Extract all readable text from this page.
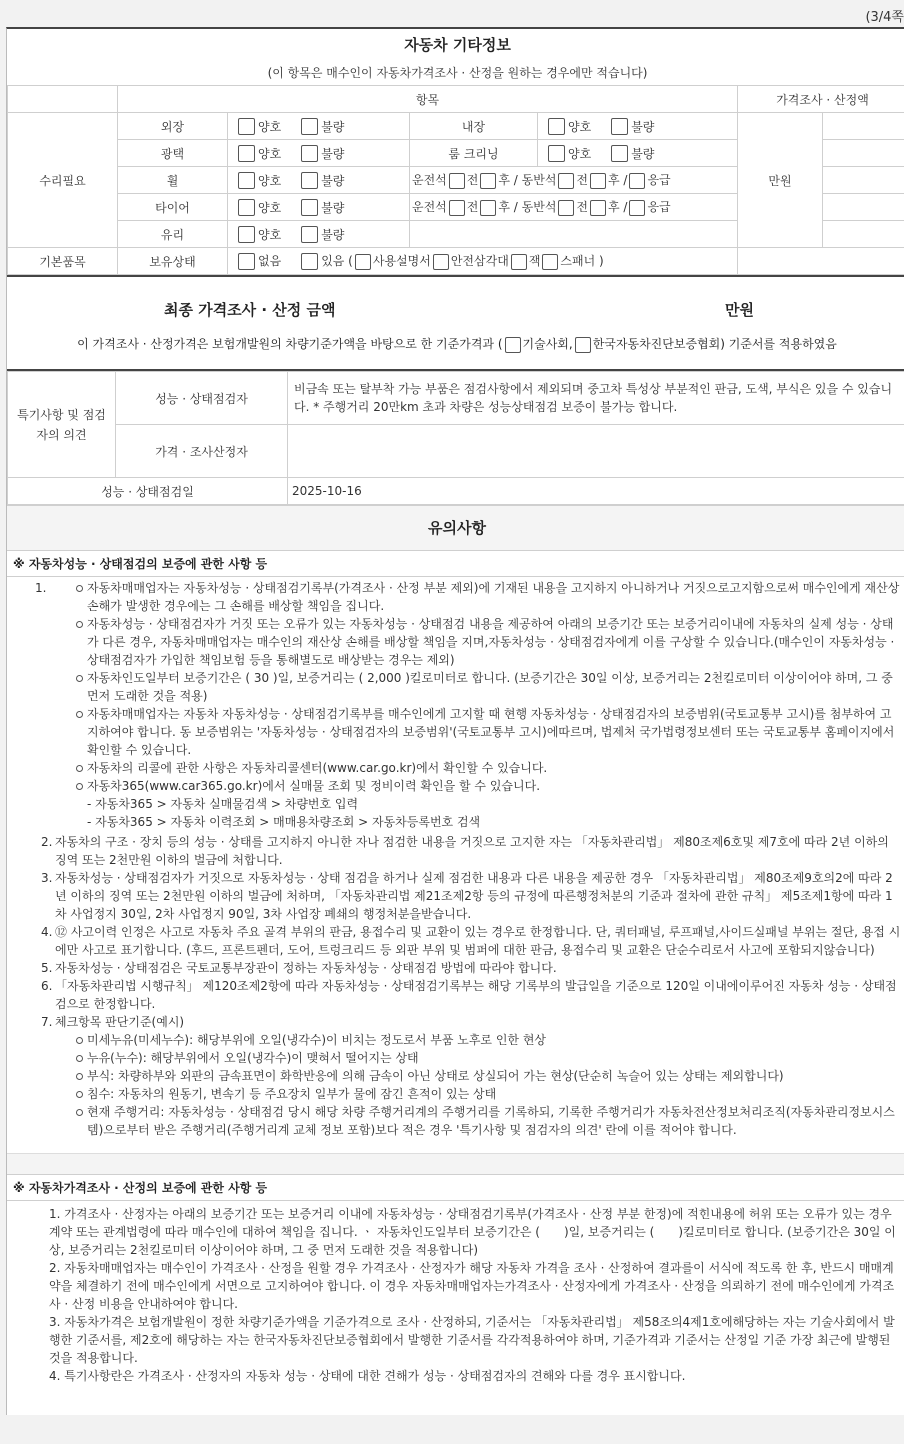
(3/4쪽
자동차 기타정보						
(이 항목은 매수인이 자동차가격조사 · 산정을 원하는 경우에만 적습니다)						
	항목				가격조사 · 산정액	
수리필요	외장	양호 불량	내장	양호 불량	만원	
	광택	양호 불량	룸 크리닝	양호 불량		
	휠	양호 불량	운전석 전 후 / 동반석 전 후 / 응급			
	타이어	양호 불량	운전석 전 후 / 동반석 전 후 / 응급			
	유리	양호 불량				
기본품목	보유상태	없음 있음 ( 사용설명서 안전삼각대 잭 스패너 )				
최종 가격조사 · 산정 금액	만원
이 가격조사 · 산정가격은 보험개발원의 차량기준가액을 바탕으로 한 기준가격과 ( 기술사회, 한국자동차진단보증협회) 기준서를 적용하였음
특기사항 및 점검자의 의견	성능 · 상태점검자	비금속 또는 탈부착 가능 부품은 점검사항에서 제외되며 중고차 특성상 부분적인 판금, 도색, 부식은 있을 수 있습니다. * 주행거리 20만km 초과 차량은 성능상태점검 보증이 불가능 합니다.
	가격 · 조사산정자	
성능 · 상태점검일		2025-10-16
유의사항
※ 자동차성능 · 상태점검의 보증에 관한 사항 등
1.	자동차매매업자는 자동차성능 · 상태점검기록부(가격조사 · 산정 부분 제외)에 기재된 내용을 고지하지 아니하거나 거짓으로고지함으로써 매수인에게 재산상 손해가 발생한 경우에는 그 손해를 배상할 책임을 집니다.
자동차성능 · 상태점검자가 거짓 또는 오류가 있는 자동차성능 · 상태점검 내용을 제공하여 아래의 보증기간 또는 보증거리이내에 자동차의 실제 성능 · 상태가 다른 경우, 자동차매매업자는 매수인의 재산상 손해를 배상할 책임을 지며,자동차성능 · 상태점검자에게 이를 구상할 수 있습니다.(매수인이 자동차성능 · 상태점검자가 가입한 책임보험 등을 통해별도로 배상받는 경우는 제외)
자동차인도일부터 보증기간은 ( 30 )일, 보증거리는 ( 2,000 )킬로미터로 합니다. (보증기간은 30일 이상, 보증거리는 2천킬로미터 이상이어야 하며, 그 중 먼저 도래한 것을 적용)
자동차매매업자는 자동차 자동차성능 · 상태점검기록부를 매수인에게 고지할 때 현행 자동차성능 · 상태점검자의 보증범위(국토교통부 고시)를 첨부하여 고지하여야 합니다. 동 보증범위는 '자동차성능 · 상태점검자의 보증범위'(국토교통부 고시)에따르며, 법제처 국가법령정보센터 또는 국토교통부 홈페이지에서 확인할 수 있습니다.
자동차의 리콜에 관한 사항은 자동차리콜센터(www.car.go.kr)에서 확인할 수 있습니다.
자동차365(www.car365.go.kr)에서 실매물 조회 및 정비이력 확인을 할 수 있습니다.
- 자동차365 > 자동차 실매물검색 > 차량번호 입력
- 자동차365 > 자동차 이력조회 > 매매용차량조회 > 자동차등록번호 검색
2. 자동차의 구조 · 장치 등의 성능 · 상태를 고지하지 아니한 자나 점검한 내용을 거짓으로 고지한 자는 「자동차관리법」 제80조제6호및 제7호에 따라 2년 이하의 징역 또는 2천만원 이하의 벌금에 처합니다.
3. 자동차성능 · 상태점검자가 거짓으로 자동차성능 · 상태 점검을 하거나 실제 점검한 내용과 다른 내용을 제공한 경우 「자동차관리법」 제80조제9호의2에 따라 2년 이하의 징역 또는 2천만원 이하의 벌금에 처하며, 「자동차관리법 제21조제2항 등의 규정에 따른행정처분의 기준과 절차에 관한 규칙」 제5조제1항에 따라 1차 사업정지 30일, 2차 사업정지 90일, 3차 사업장 폐쇄의 행정처분을받습니다.
4. ⑫ 사고이력 인정은 사고로 자동차 주요 골격 부위의 판금, 용접수리 및 교환이 있는 경우로 한정합니다. 단, 쿼터패널, 루프패널,사이드실패널 부위는 절단, 용접 시에만 사고로 표기합니다. (후드, 프론트펜더, 도어, 트렁크리드 등 외판 부위 및 범퍼에 대한 판금, 용접수리 및 교환은 단순수리로서 사고에 포함되지않습니다)
5. 자동차성능 · 상태점검은 국토교통부장관이 정하는 자동차성능 · 상태점검 방법에 따라야 합니다.
6. 「자동차관리법 시행규칙」 제120조제2항에 따라 자동차성능 · 상태점검기록부는 해당 기록부의 발급일을 기준으로 120일 이내에이루어진 자동차 성능 · 상태점검으로 한정합니다.
7. 체크항목 판단기준(예시)
미세누유(미세누수): 해당부위에 오일(냉각수)이 비치는 정도로서 부품 노후로 인한 현상
누유(누수): 해당부위에서 오일(냉각수)이 맺혀서 떨어지는 상태
부식: 차량하부와 외판의 금속표면이 화학반응에 의해 금속이 아닌 상태로 상실되어 가는 현상(단순히 녹슬어 있는 상태는 제외합니다)
침수: 자동차의 원동기, 변속기 등 주요장치 일부가 물에 잠긴 흔적이 있는 상태
현재 주행거리: 자동차성능 · 상태점검 당시 해당 차량 주행거리계의 주행거리를 기록하되, 기록한 주행거리가 자동차전산정보처리조직(자동차관리정보시스템)으로부터 받은 주행거리(주행거리계 교체 정보 포함)보다 적은 경우 '특기사항 및 점검자의 의견' 란에 이를 적어야 합니다.
※ 자동차가격조사 · 산정의 보증에 관한 사항 등
1. 가격조사 · 산정자는 아래의 보증기간 또는 보증거리 이내에 자동차성능 · 상태점검기록부(가격조사 · 산정 부분 한정)에 적힌내용에 허위 또는 오류가 있는 경우 계약 또는 관계법령에 따라 매수인에 대하여 책임을 집니다. ㆍ 자동차인도일부터 보증기간은 (　　)일, 보증거리는 (　　)킬로미터로 합니다. (보증기간은 30일 이상, 보증거리는 2천킬로미터 이상이어야 하며, 그 중 먼저 도래한 것을 적용합니다)
2. 자동차매매업자는 매수인이 가격조사 · 산정을 원할 경우 가격조사 · 산정자가 해당 자동차 가격을 조사 · 산정하여 결과를이 서식에 적도록 한 후, 반드시 매매계약을 체결하기 전에 매수인에게 서면으로 고지하여야 합니다. 이 경우 자동차매매업자는가격조사 · 산정자에게 가격조사 · 산정을 의뢰하기 전에 매수인에게 가격조사 · 산정 비용을 안내하여야 합니다.
3. 자동차가격은 보험개발원이 정한 차량기준가액을 기준가격으로 조사 · 산정하되, 기준서는 「자동차관리법」 제58조의4제1호에해당하는 자는 기술사회에서 발행한 기준서를, 제2호에 해당하는 자는 한국자동차진단보증협회에서 발행한 기준서를 각각적용하여야 하며, 기준가격과 기준서는 산정일 기준 가장 최근에 발행된 것을 적용합니다.
4. 특기사항란은 가격조사 · 산정자의 자동차 성능 · 상태에 대한 견해가 성능 · 상태점검자의 견해와 다를 경우 표시합니다.
